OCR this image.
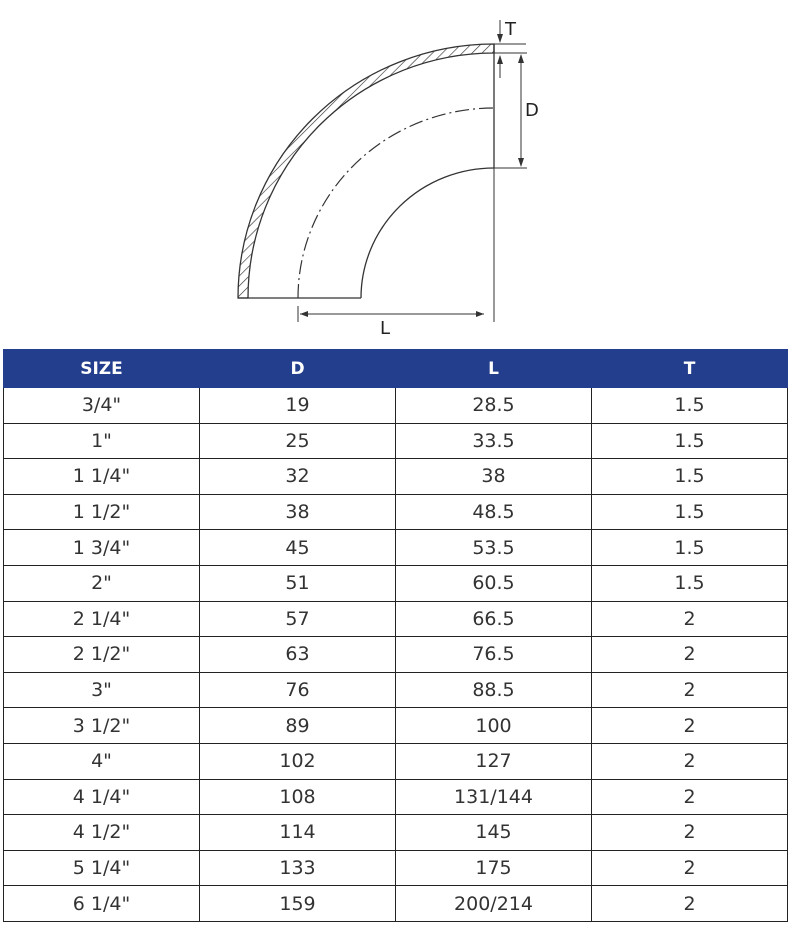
T
D
L
SIZE	D	L	T
3/4"	19	28.5	1.5
1"	25	33.5	1.5
1 1/4"	32	38	1.5
1 1/2"	38	48.5	1.5
1 3/4"	45	53.5	1.5
2"	51	60.5	1.5
2 1/4"	57	66.5	2
2 1/2"	63	76.5	2
3"	76	88.5	2
3 1/2"	89	100	2
4"	102	127	2
4 1/4"	108	131/144	2
4 1/2"	114	145	2
5 1/4"	133	175	2
6 1/4"	159	200/214	2
